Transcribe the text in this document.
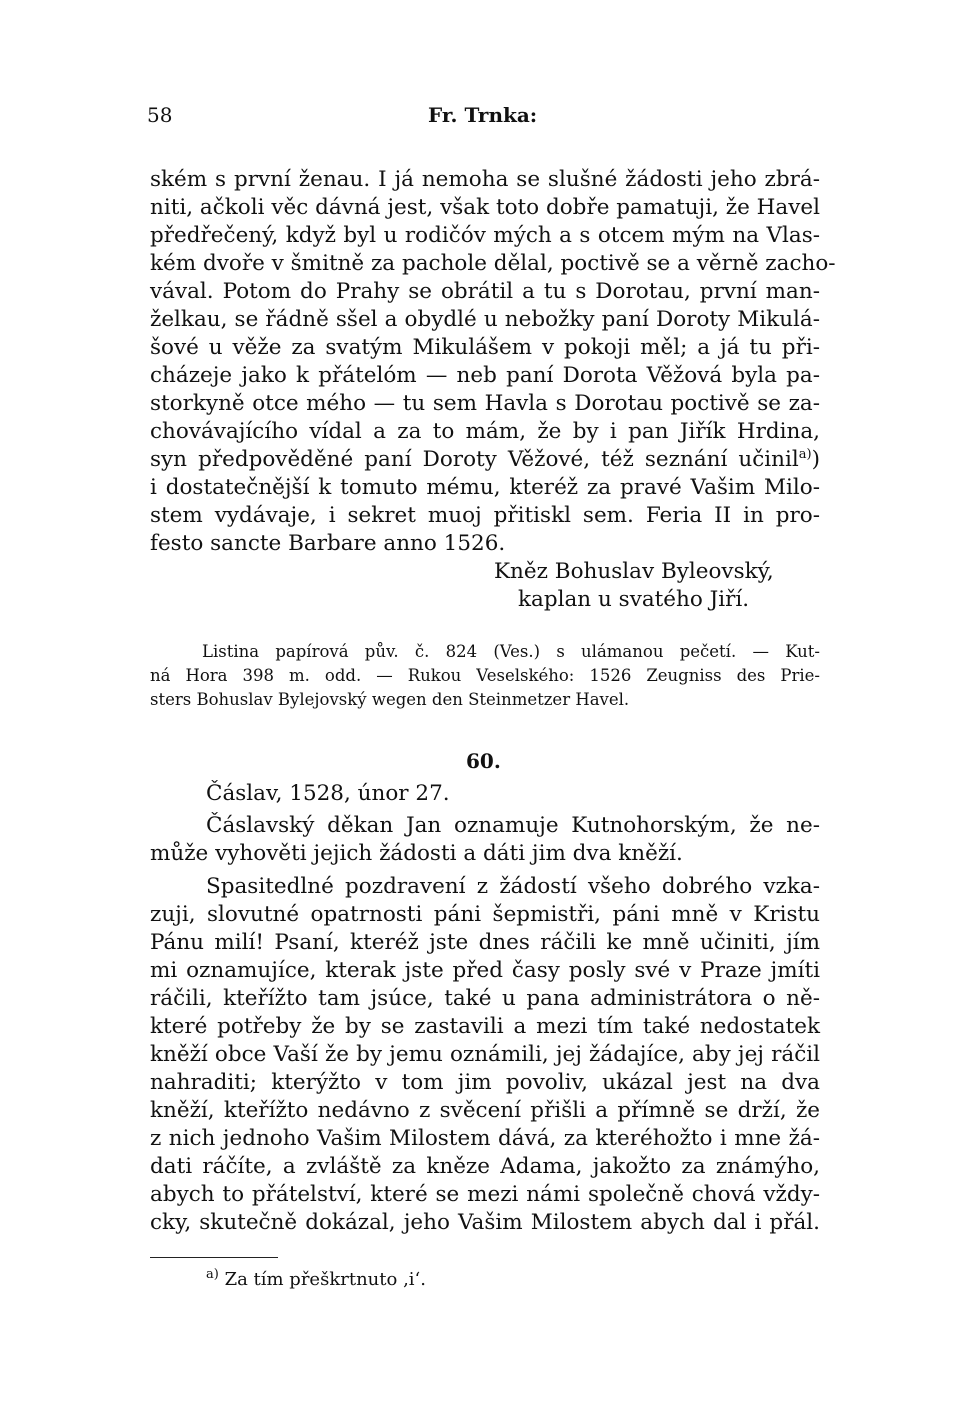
58	Fr. Trnka:
ském s první ženau. I já nemoha se slušné žádosti jeho zbrá-
niti, ačkoli věc dávná jest, však toto dobře pamatuji, že Havel
předřečený, když byl u rodičóv mých a s otcem mým na Vlas-
kém dvoře v šmitně za pachole dělal, poctivě se a věrně zacho-
vával. Potom do Prahy se obrátil a tu s Dorotau, první man-
želkau, se řádně sšel a obydlé u nebožky paní Doroty Mikulá-
šové u věže za svatým Mikulášem v pokoji měl; a já tu při-
cházeje jako k přátelóm — neb paní Dorota Věžová byla pa-
storkyně otce mého — tu sem Havla s Dorotau poctivě se za-
chovávajícího vídal a za to mám, že by i pan Jiřík Hrdina,
syn předpověděné paní Doroty Věžové, též seznání učinil$^{a)}$)
i dostatečnější k tomuto mému, kteréž za pravé Vašim Milo-
stem vydávaje, i sekret muoj přitiskl sem. Feria II in pro-
festo sancte Barbare anno 1526.
Kněz Bohuslav Byleovský,
kaplan u svatého Jiří.
Listina papírová pův. č. 824 (Ves.) s ulámanou pečetí. — Kut-
ná Hora 398 m. odd. — Rukou Veselského: 1526 Zeugniss des Prie-
sters Bohuslav Bylejovský wegen den Steinmetzer Havel.
60.
Čáslav, 1528, únor 27.
Čáslavský děkan Jan oznamuje Kutnohorským, že ne-
může vyhověti jejich žádosti a dáti jim dva kněží.
Spasitedlné pozdravení z žádostí všeho dobrého vzka-
zuji, slovutné opatrnosti páni šepmistři, páni mně v Kristu
Pánu milí! Psaní, kteréž jste dnes ráčili ke mně učiniti, jím
mi oznamujíce, kterak jste před časy posly své v Praze jmíti
ráčili, kteřížto tam jsúce, také u pana administrátora o ně-
které potřeby že by se zastavili a mezi tím také nedostatek
kněží obce Vaší že by jemu oznámili, jej žádajíce, aby jej ráčil
nahraditi; kterýžto v tom jim povoliv, ukázal jest na dva
kněží, kteřížto nedávno z svěcení přišli a přímně se drží, že
z nich jednoho Vašim Milostem dává, za kteréhožto i mne žá-
dati ráčíte, a zvláště za kněze Adama, jakožto za známýho,
abych to přátelství, které se mezi námi společně chová vždy-
cky, skutečně dokázal, jeho Vašim Milostem abych dal i přál.
$^{a)}$ Za tím přeškrtnuto ‚i‘.
